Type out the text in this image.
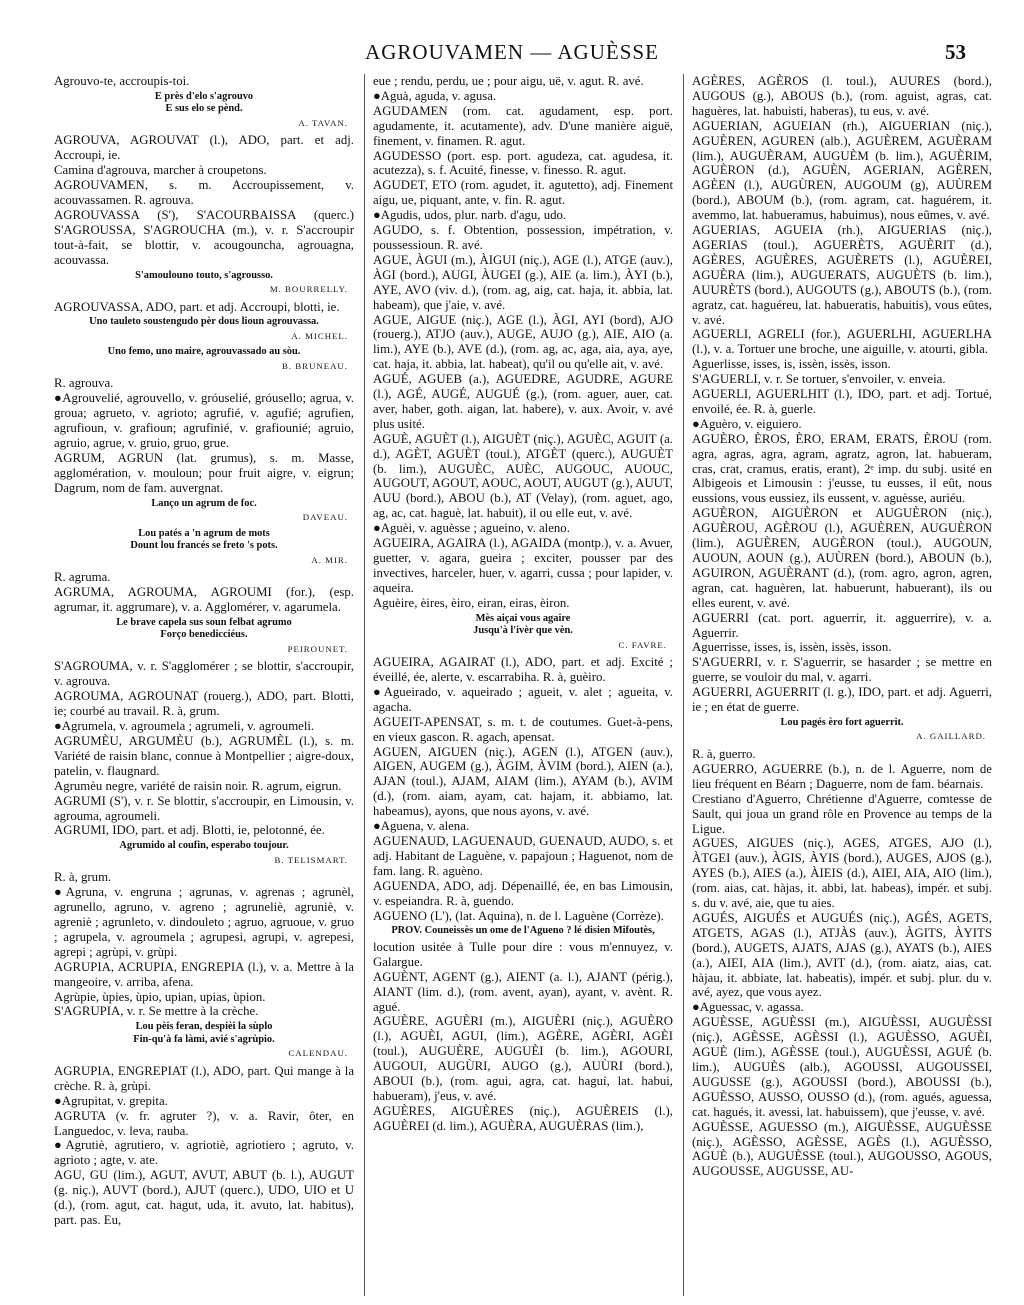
AGROUVAMEN — AGUÈSSE	53

Agrouvo-te, accroupis-toi.

E près d'elo s'agrouvo
E sus elo se pènd.

A. TAVAN.

AGROUVA, AGROUVAT (l.), ADO, part. et adj. Accroupi, ie.

Camina d'agrouva, marcher à croupetons.

AGROUVAMEN, s. m. Accroupissement, v. acouvassamen. R. agrouva.

AGROUVASSA (S'), S'ACOURBAISSA (querc.) S'AGROUSSA, S'AGROUCHA (m.), v. r. S'accroupir tout-à-fait, se blottir, v. acougouncha, agrouagna, acouvassa.

S'amoulouno touto, s'agrousso.

M. BOURRELLY.

AGROUVASSA, ADO, part. et adj. Accroupi, blotti, ie.

Uno tauleto soustengudo pèr dous lioun agrouvassa.

A. MICHEL.

Uno femo, uno maire, agrouvassado au sòu.

B. BRUNEAU.

R. agrouva.

●Agrouvelié, agrouvello, v. gróuselié, gróusello; agrua, v. groua; agrueto, v. agrioto; agrufié, v. agufié; agrufien, agrufioun, v. grafioun; agrufinié, v. grafiounié; agruio, agruio, agrue, v. gruio, gruo, grue.

AGRUM, AGRUN (lat. grumus), s. m. Masse, agglomération, v. mouloun; pour fruit aigre, v. eigrun; Dagrum, nom de fam. auvergnat.

Lanço un agrum de foc.

DAVEAU.

Lou patés a 'n agrum de mots
Dount lou francés se freto 's pots.

A. MIR.

R. agruma.

AGRUMA, AGROUMA, AGROUMI (for.), (esp. agrumar, it. aggrumare), v. a. Agglomérer, v. agarumela.

Le brave capela sus soun felbat agrumo
Forço benedicciéus.

PEIROUNET.

S'AGROUMA, v. r. S'agglomérer ; se blottir, s'accroupir, v. agrouva.

AGROUMA, AGROUNAT (rouerg.), ADO, part. Blotti, ie; courbé au travail. R. à, grum.

●Agrumela, v. agroumela ; agrumeli, v. agroumeli.

AGRUMÈU, ARGUMÈU (b.), AGRUMÈL (l.), s. m. Variété de raisin blanc, connue à Montpellier ; aigre-doux, patelin, v. flaugnard.

Agrumèu negre, variété de raisin noir. R. agrum, eigrun.

AGRUMI (S'), v. r. Se blottir, s'accroupir, en Limousin, v. agrouma, agroumeli.

AGRUMI, IDO, part. et adj. Blotti, ie, pelotonné, ée.

Agrumido al coufin, esperabo toujour.

B. TELISMART.

R. à, grum.

●Agruna, v. engruna ; agrunas, v. agrenas ; agrunèl, agrunello, agruno, v. agreno ; agruneliè, agruniè, v. agreniè ; agrunleto, v. dindouleto ; agruo, agruoue, v. gruo ; agrupela, v. agroumela ; agrupesi, agrupi, v. agrepesi, agrepi ; agrùpi, v. grùpi.

AGRUPIA, ACRUPIA, ENGREPIA (l.), v. a. Mettre à la mangeoire, v. arriba, afena.

Agrùpie, ùpies, ùpio, upian, upias, ùpion.

S'AGRUPIA, v. r. Se mettre à la crèche.

Lou pèis feran, despièi la sùplo
Fin-qu'à fa làmi, avié s'agrùpio.

CALENDAU.

AGRUPIA, ENGREPIAT (l.), ADO, part. Qui mange à la crèche. R. à, grùpi.

●Agrupitat, v. grepita.

AGRUTA (v. fr. agruter ?), v. a. Ravir, ôter, en Languedoc, v. leva, rauba.

●Agrutiè, agrutiero, v. agriotiè, agriotiero ; agruto, v. agrioto ; agte, v. ate.

AGU, GU (lim.), AGUT, AVUT, ABUT (b. l.), AUGUT (g. niç.), AUVT (bord.), AJUT (querc.), UDO, UIO et U (d.), (rom. agut, cat. hagut, uda, it. avuto, lat. habitus), part. pas. Eu,

eue ; rendu, perdu, ue ; pour aigu, uë, v. agut. R. avé.

●Aguà, aguda, v. agusa.

AGUDAMEN (rom. cat. agudament, esp. port. agudamente, it. acutamente), adv. D'une manière aiguë, finement, v. finamen. R. agut.

AGUDESSO (port. esp. port. agudeza, cat. agudesa, it. acutezza), s. f. Acuité, finesse, v. finesso. R. agut.

AGUDET, ETO (rom. agudet, it. agutetto), adj. Finement aigu, ue, piquant, ante, v. fin. R. agut.

●Agudis, udos, plur. narb. d'agu, udo.

AGUDO, s. f. Obtention, possession, impétration, v. poussessioun. R. avé.

AGUE, ÀGUI (m.), ÀIGUI (niç.), AGE (l.), ATGE (auv.), ÀGI (bord.), AUGI, ÀUGEI (g.), AIE (a. lim.), ÀYI (b.), AYE, AVO (viv. d.), (rom. ag, aig, cat. haja, it. abbia, lat. habeam), que j'aie, v. avé.

AGUE, AIGUE (niç.), AGE (l.), ÀGI, AYI (bord), AJO (rouerg.), ATJO (auv.), AUGE, AUJO (g.), AIE, AIO (a. lim.), AYE (b.), AVE (d.), (rom. ag, ac, aga, aia, aya, aye, cat. haja, it. abbia, lat. habeat), qu'il ou qu'elle ait, v. avé.

AGUÉ, AGUEB (a.), AGUEDRE, AGUDRE, AGURE (l.), AGÉ, AUGÉ, AUGUÉ (g.), (rom. aguer, auer, cat. aver, haber, goth. aigan, lat. habere), v. aux. Avoir, v. avé plus usité.

AGUÈ, AGUÈT (l.), AIGUÈT (niç.), AGUÈC, AGUIT (a. d.), AGÈT, AGUÈT (toul.), ATGÈT (querc.), AUGUÈT (b. lim.), AUGUÈC, AUÈC, AUGOUC, AUOUC, AUGOUT, AGOUT, AOUC, AOUT, AUGUT (g.), AUUT, AUU (bord.), ABOU (b.), AT (Velay), (rom. aguet, ago, ag, ac, cat. haguè, lat. habuit), il ou elle eut, v. avé.

●Aguèi, v. aguèsse ; agueino, v. aleno.

AGUEIRA, AGAIRA (l.), AGAIDA (montp.), v. a. Avuer, guetter, v. agara, gueira ; exciter, pousser par des invectives, harceler, huer, v. agarri, cussa ; pour lapider, v. aqueira.

Aguèire, èires, èiro, eiran, eiras, èiron.

Mès aiçai vous agaire
Jusqu'à l'ivèr que vèn.

C. FAVRE.

AGUEIRA, AGAIRAT (l.), ADO, part. et adj. Excité ; éveillé, ée, alerte, v. escarrabiha. R. à, guèiro.

●Agueirado, v. aqueirado ; agueit, v. alet ; agueita, v. agacha.

AGUEIT-APENSAT, s. m. t. de coutumes. Guet-à-pens, en vieux gascon. R. agach, apensat.

AGUEN, AIGUEN (niç.), AGEN (l.), ATGEN (auv.), AIGEN, AUGEM (g.), ÀGIM, ÀVIM (bord.), AIEN (a.), AJAN (toul.), AJAM, AIAM (lim.), AYAM (b.), AVIM (d.), (rom. aiam, ayam, cat. hajam, it. abbiamo, lat. habeamus), ayons, que nous ayons, v. avé.

●Aguena, v. alena.

AGUENAUD, LAGUENAUD, GUENAUD, AUDO, s. et adj. Habitant de Laguène, v. papajoun ; Haguenot, nom de fam. lang. R. aguèno.

AGUENDA, ADO, adj. Dépenaillé, ée, en bas Limousin, v. espeiandra. R. à, guendo.

AGUENO (L'), (lat. Aquina), n. de l. Laguène (Corrèze).

PROV. Couneissès un ome de l'Agueno ? lé disien Mifoutès,

locution usitée à Tulle pour dire : vous m'ennuyez, v. Galargue.

AGUÈNT, AGENT (g.), AIENT (a. l.), AJANT (périg.), AIANT (lim. d.), (rom. avent, ayan), ayant, v. avènt. R. agué.

AGUÈRE, AGUÈRI (m.), AIGUÈRI (niç.), AGUÈRO (l.), AGUÈI, AGUI, (lim.), AGÈRE, AGÈRI, AGÈI (toul.), AUGUÈRE, AUGUÈI (b. lim.), AGOURI, AUGOUI, AUGÙRI, AUGO (g.), AUÙRI (bord.), ABOUI (b.), (rom. agui, agra, cat. haguí, lat. habui, habueram), j'eus, v. avé.

AGUÈRES, AIGUÈRES (niç.), AGUÈREIS (l.), AGUÈREI (d. lim.), AGUÈRA, AUGUÈRAS (lim.),

AGÈRES, AGÈROS (l. toul.), AUURES (bord.), AUGOUS (g.), ABOUS (b.), (rom. aguist, agras, cat. haguères, lat. habuisti, haberas), tu eus, v. avé.

AGUERIAN, AGUEIAN (rh.), AIGUERIAN (niç.), AGUÈREN, AGUREN (alb.), AGUÈREM, AGUÈRAM (lim.), AUGUÈRAM, AUGUÈM (b. lim.), AGUÈRIM, AGUÈRON (d.), AGUÈN, AGERIAN, AGÈREN, AGÈEN (l.), AUGÙREN, AUGOUM (g), AUÙREM (bord.), ABOUM (b.), (rom. agram, cat. haguérem, it. avemmo, lat. habueramus, habuimus), nous eûmes, v. avé.

AGUERIAS, AGUEIA (rh.), AIGUERIAS (niç.), AGERIAS (toul.), AGUERÈTS, AGUÈRIT (d.), AGÈRES, AGUÈRES, AGUÈRETS (l.), AGUÈREI, AGUÈRA (lim.), AUGUERATS, AUGUÈTS (b. lim.), AUURÈTS (bord.), AUGOUTS (g.), ABOUTS (b.), (rom. agratz, cat. haguéreu, lat. habueratis, habuitis), vous eûtes, v. avé.

AGUERLI, AGRELI (for.), AGUERLHI, AGUERLHA (l.), v. a. Tortuer une broche, une aiguille, v. atourti, gibla.

Aguerlisse, isses, is, issèn, issès, isson.

S'AGUERLI, v. r. Se tortuer, s'envoiler, v. enveia.

AGUERLI, AGUERLHIT (l.), IDO, part. et adj. Tortué, envoilé, ée. R. à, guerle.

●Aguèro, v. eiguiero.

AGUÈRO, ÈROS, ÈRO, ERAM, ERATS, ÈROU (rom. agra, agras, agra, agram, agratz, agron, lat. habueram, cras, crat, cramus, eratis, erant), 2ᵉ imp. du subj. usité en Albigeois et Limousin : j'eusse, tu eusses, il eût, nous eussions, vous eussiez, ils eussent, v. aguèsse, auriéu.

AGUÈRON, AIGUÈRON et AUGUÈRON (niç.), AGUÈROU, AGÈROU (l.), AGUÈREN, AUGUÈRON (lim.), AGUÈREN, AUGÈRON (toul.), AUGOUN, AUOUN, AOUN (g.), AUÙREN (bord.), ABOUN (b.), AGUIRON, AGUÈRANT (d.), (rom. agro, agron, agren, agran, cat. haguèren, lat. habuerunt, habuerant), ils ou elles eurent, v. avé.

AGUERRI (cat. port. aguerrir, it. agguerrire), v. a. Aguerrir.

Aguerrisse, isses, is, issèn, issès, isson.

S'AGUERRI, v. r. S'aguerrir, se hasarder ; se mettre en guerre, se vouloir du mal, v. agarri.

AGUERRI, AGUERRIT (l. g.), IDO, part. et adj. Aguerri, ie ; en état de guerre.

Lou pagés èro fort aguerrit.

A. GAILLARD.

R. à, guerro.

AGUERRO, AGUERRE (b.), n. de l. Aguerre, nom de lieu fréquent en Béarn ; Daguerre, nom de fam. béarnais.

Crestiano d'Aguerro, Chrétienne d'Aguerre, comtesse de Sault, qui joua un grand rôle en Provence au temps de la Ligue.

AGUES, AIGUES (niç.), AGES, ATGES, AJO (l.), ÀTGEI (auv.), ÀGIS, ÀYIS (bord.), AUGES, AJOS (g.), AYES (b.), AIES (a.), ÀIEIS (d.), AIEI, AIA, AIO (lim.), (rom. aias, cat. hàjas, it. abbi, lat. habeas), impér. et subj. s. du v. avé, aie, que tu aies.

AGUÉS, AIGUÉS et AUGUÉS (niç.), AGÉS, AGETS, ATGETS, AGAS (l.), ATJÀS (auv.), ÀGITS, ÀYITS (bord.), AUGETS, AJATS, AJAS (g.), AYATS (b.), AIES (a.), AIEI, AIA (lim.), AVIT (d.), (rom. aiatz, aias, cat. hàjau, it. abbiate, lat. habeatis), impér. et subj. plur. du v. avé, ayez, que vous ayez.

●Aguessac, v. agassa.

AGUÈSSE, AGUÈSSI (m.), AIGUÈSSI, AUGUÈSSI (niç.), AGÈSSE, AGÈSSI (l.), AGUÈSSO, AGUÈI, AGUÈ (lim.), AGÈSSE (toul.), AUGUÈSSI, AGUÉ (b. lim.), AUGUÈS (alb.), AGOUSSI, AUGOUSSEI, AUGUSSE (g.), AGOUSSI (bord.), ABOUSSI (b.), AGUÈSSO, AUSSO, OUSSO (d.), (rom. agués, aguessa, cat. hagués, it. avessi, lat. habuissem), que j'eusse, v. avé.

AGUÈSSE, AGUESSO (m.), AIGUÈSSE, AUGUÈSSE (niç.), AGÈSSO, AGÈSSE, AGÈS (l.), AGUÈSSO, AGUÈ (b.), AUGUÈSSE (toul.), AUGOUSSO, AGOUS, AUGOUSSE, AUGUSSE, AU-
